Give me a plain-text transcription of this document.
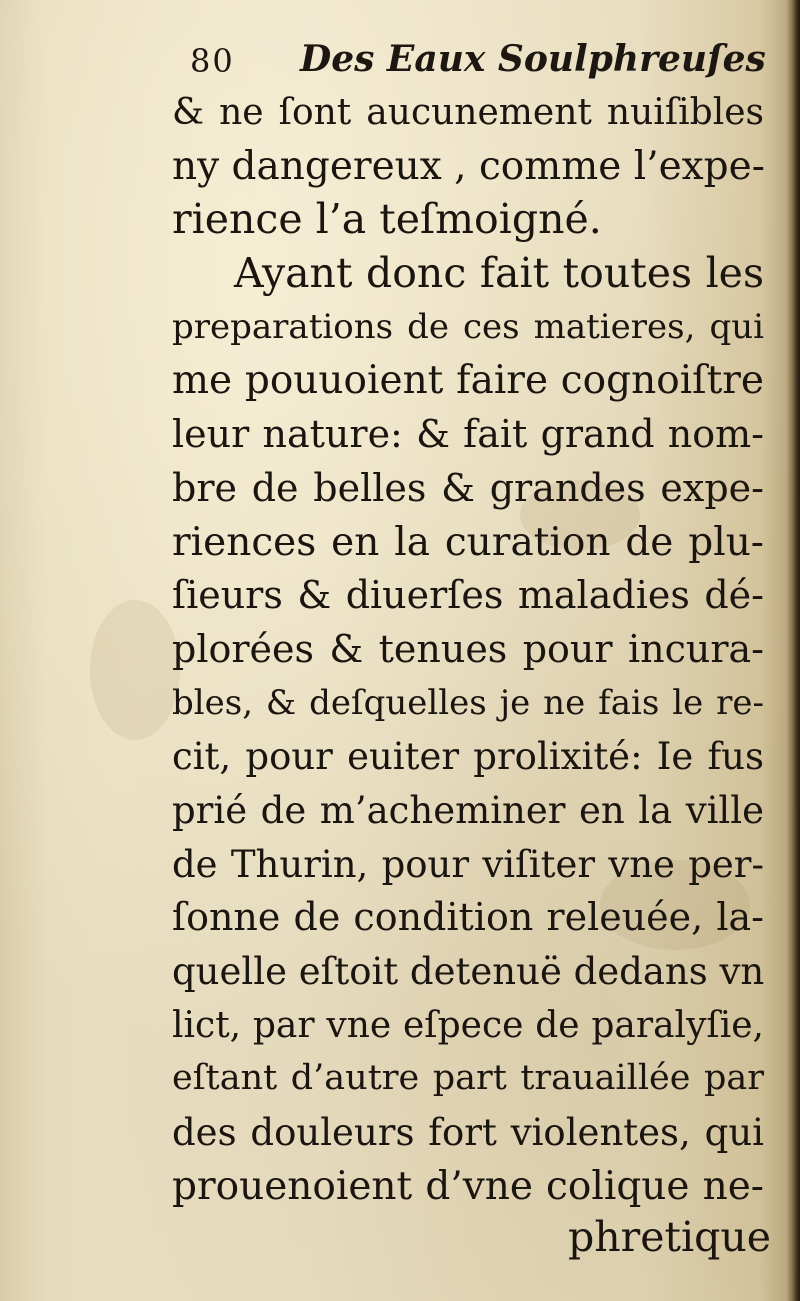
80 Des Eaux Soulphreuſes
& ne ſont aucunement nuiſibles
ny dangereux , comme l’expe-
rience l’a teſmoigné.
Ayant donc fait toutes les
preparations de ces matieres, qui
me pouuoient faire cognoiſtre
leur nature: & fait grand nom-
bre de belles & grandes expe-
riences en la curation de plu-
ſieurs & diuerſes maladies dé-
plorées & tenues pour incura-
bles, & deſquelles je ne fais le re-
cit, pour euiter prolixité: Ie fus
prié de m’acheminer en la ville
de Thurin, pour viſiter vne per-
ſonne de condition releuée, la-
quelle eſtoit detenuë dedans vn
lict, par vne eſpece de paralyſie,
eſtant d’autre part trauaillée par
des douleurs fort violentes, qui
prouenoient d’vne colique ne-
phretique
